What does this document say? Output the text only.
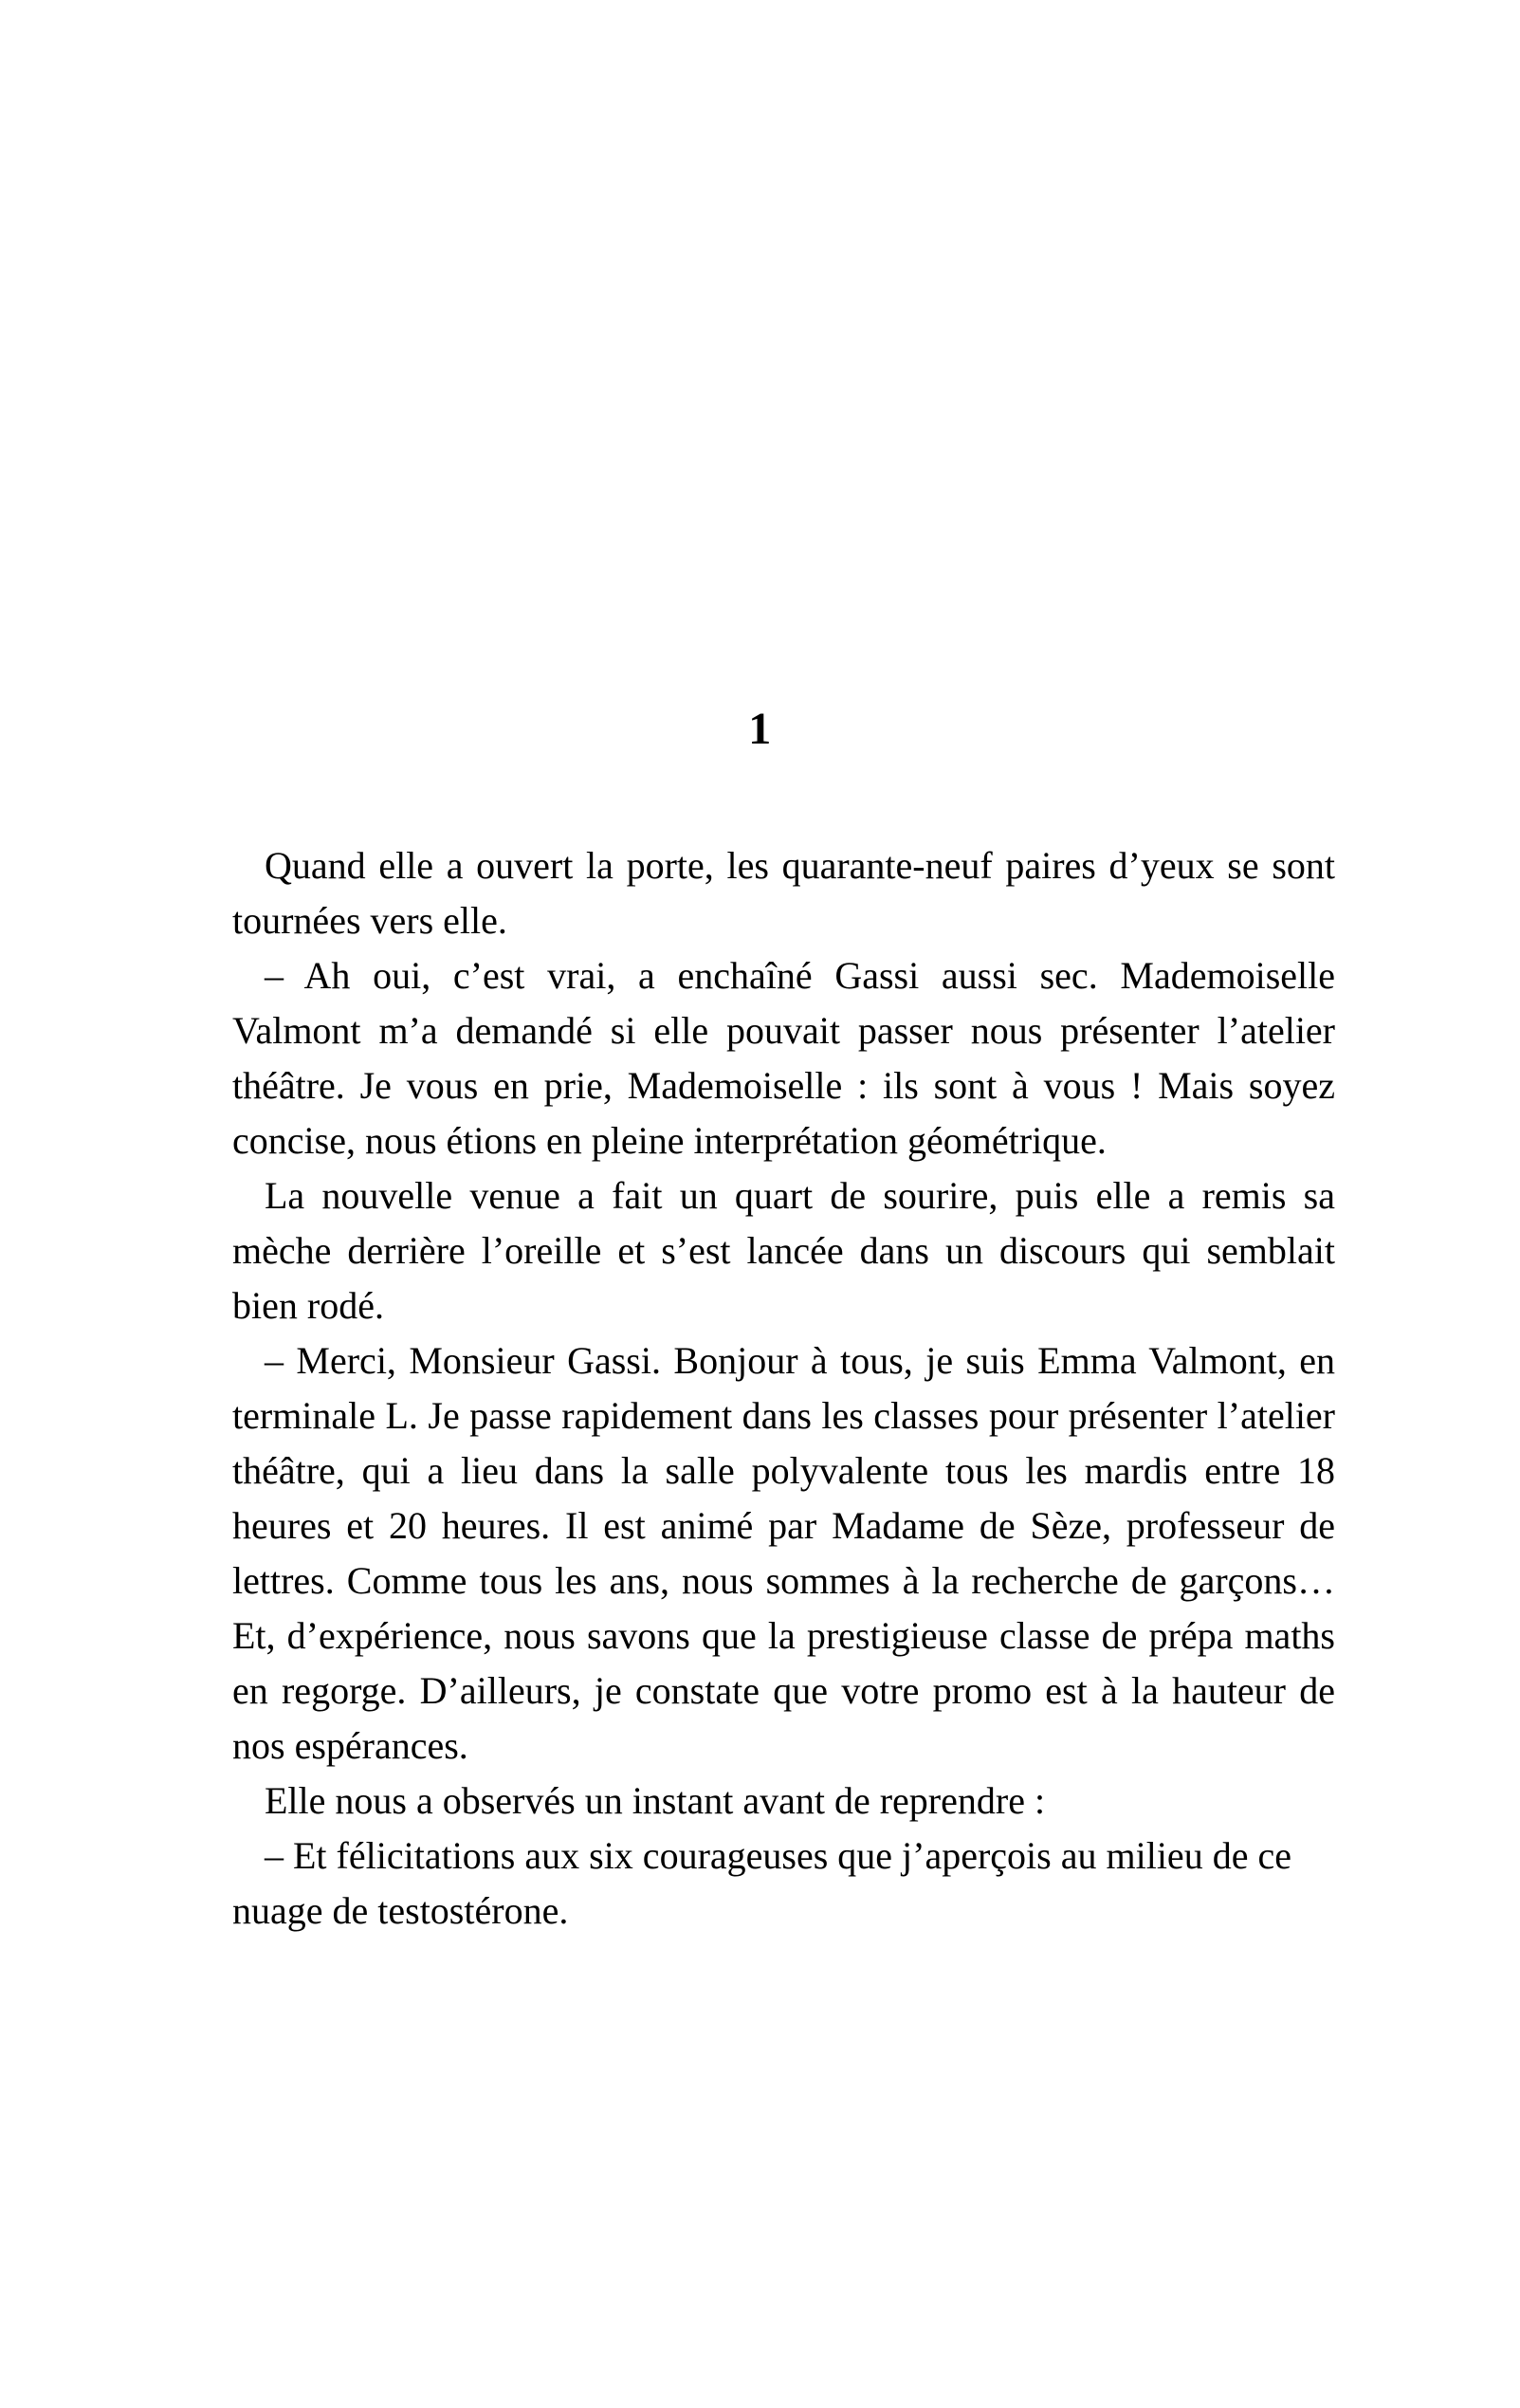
1

Quand elle a ouvert la porte, les quarante-neuf paires d’yeux se sont tournées vers elle.

– Ah oui, c’est vrai, a enchaîné Gassi aussi sec. Mademoiselle Valmont m’a demandé si elle pouvait passer nous présenter l’atelier théâtre. Je vous en prie, Mademoiselle : ils sont à vous ! Mais soyez concise, nous étions en pleine interprétation géométrique.

La nouvelle venue a fait un quart de sourire, puis elle a remis sa mèche derrière l’oreille et s’est lancée dans un discours qui semblait bien rodé.

– Merci, Monsieur Gassi. Bonjour à tous, je suis Emma Valmont, en terminale L. Je passe rapidement dans les classes pour présenter l’atelier théâtre, qui a lieu dans la salle polyvalente tous les mardis entre 18 heures et 20 heures. Il est animé par Madame de Sèze, professeur de lettres. Comme tous les ans, nous sommes à la recherche de garçons… Et, d’expérience, nous savons que la prestigieuse classe de prépa maths en regorge. D’ailleurs, je constate que votre promo est à la hauteur de nos espérances.

Elle nous a observés un instant avant de reprendre :

– Et félicitations aux six courageuses que j’aperçois au milieu de ce nuage de testostérone.
